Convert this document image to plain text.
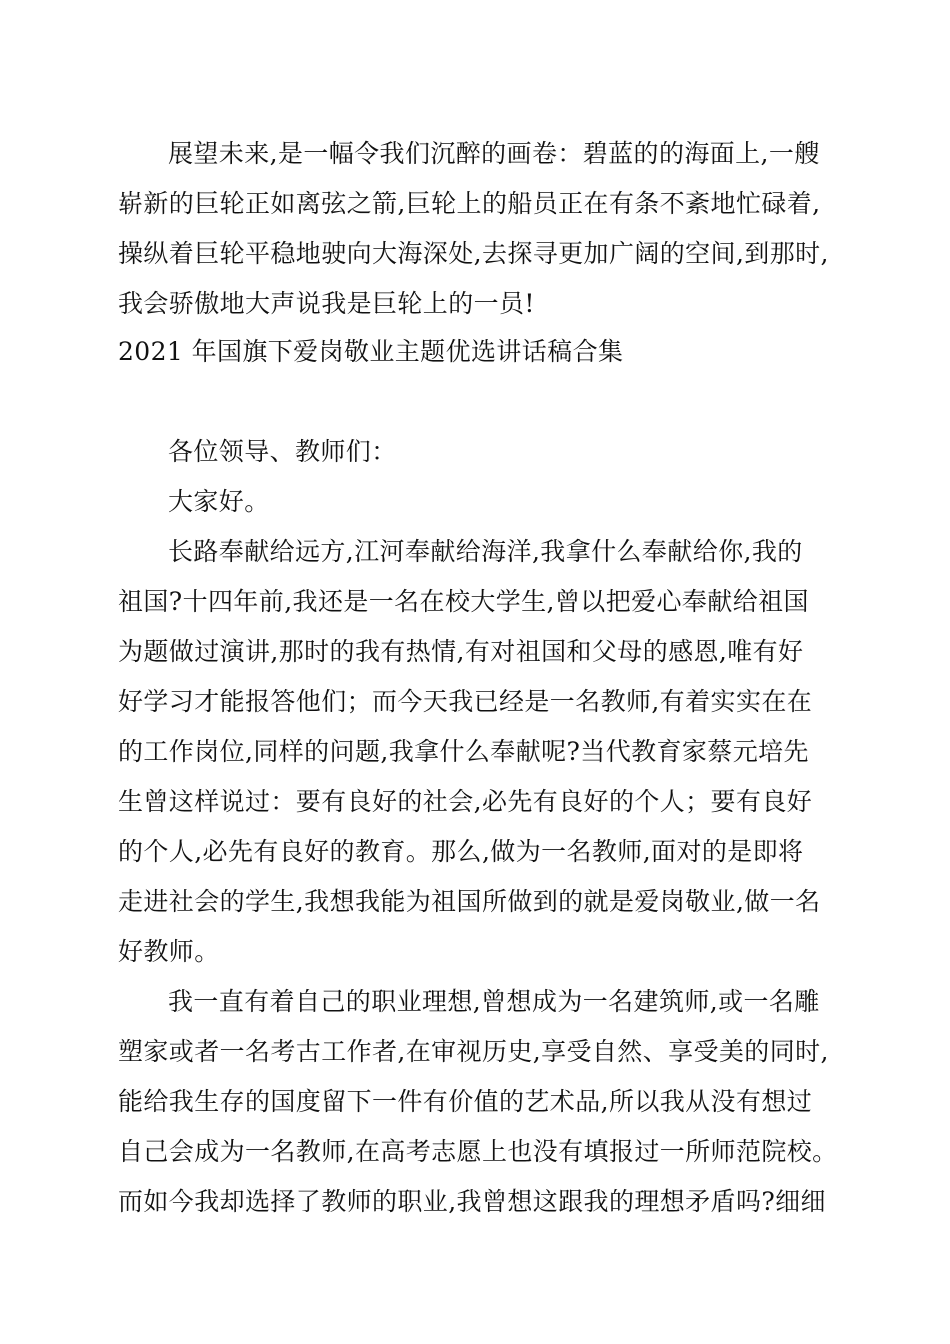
展望未来,是一幅令我们沉醉的画卷：碧蓝的的海面上,一艘
崭新的巨轮正如离弦之箭,巨轮上的船员正在有条不紊地忙碌着,
操纵着巨轮平稳地驶向大海深处,去探寻更加广阔的空间,到那时,
我会骄傲地大声说我是巨轮上的一员!
2021 年国旗下爱岗敬业主题优选讲话稿合集
各位领导、教师们：
大家好。
长路奉献给远方,江河奉献给海洋,我拿什么奉献给你,我的
祖国?十四年前,我还是一名在校大学生,曾以把爱心奉献给祖国
为题做过演讲,那时的我有热情,有对祖国和父母的感恩,唯有好
好学习才能报答他们；而今天我已经是一名教师,有着实实在在
的工作岗位,同样的问题,我拿什么奉献呢?当代教育家蔡元培先
生曾这样说过：要有良好的社会,必先有良好的个人；要有良好
的个人,必先有良好的教育。那么,做为一名教师,面对的是即将
走进社会的学生,我想我能为祖国所做到的就是爱岗敬业,做一名
好教师。
我一直有着自己的职业理想,曾想成为一名建筑师,或一名雕
塑家或者一名考古工作者,在审视历史,享受自然、享受美的同时,
能给我生存的国度留下一件有价值的艺术品,所以我从没有想过
自己会成为一名教师,在高考志愿上也没有填报过一所师范院校。
而如今我却选择了教师的职业,我曾想这跟我的理想矛盾吗?细细
